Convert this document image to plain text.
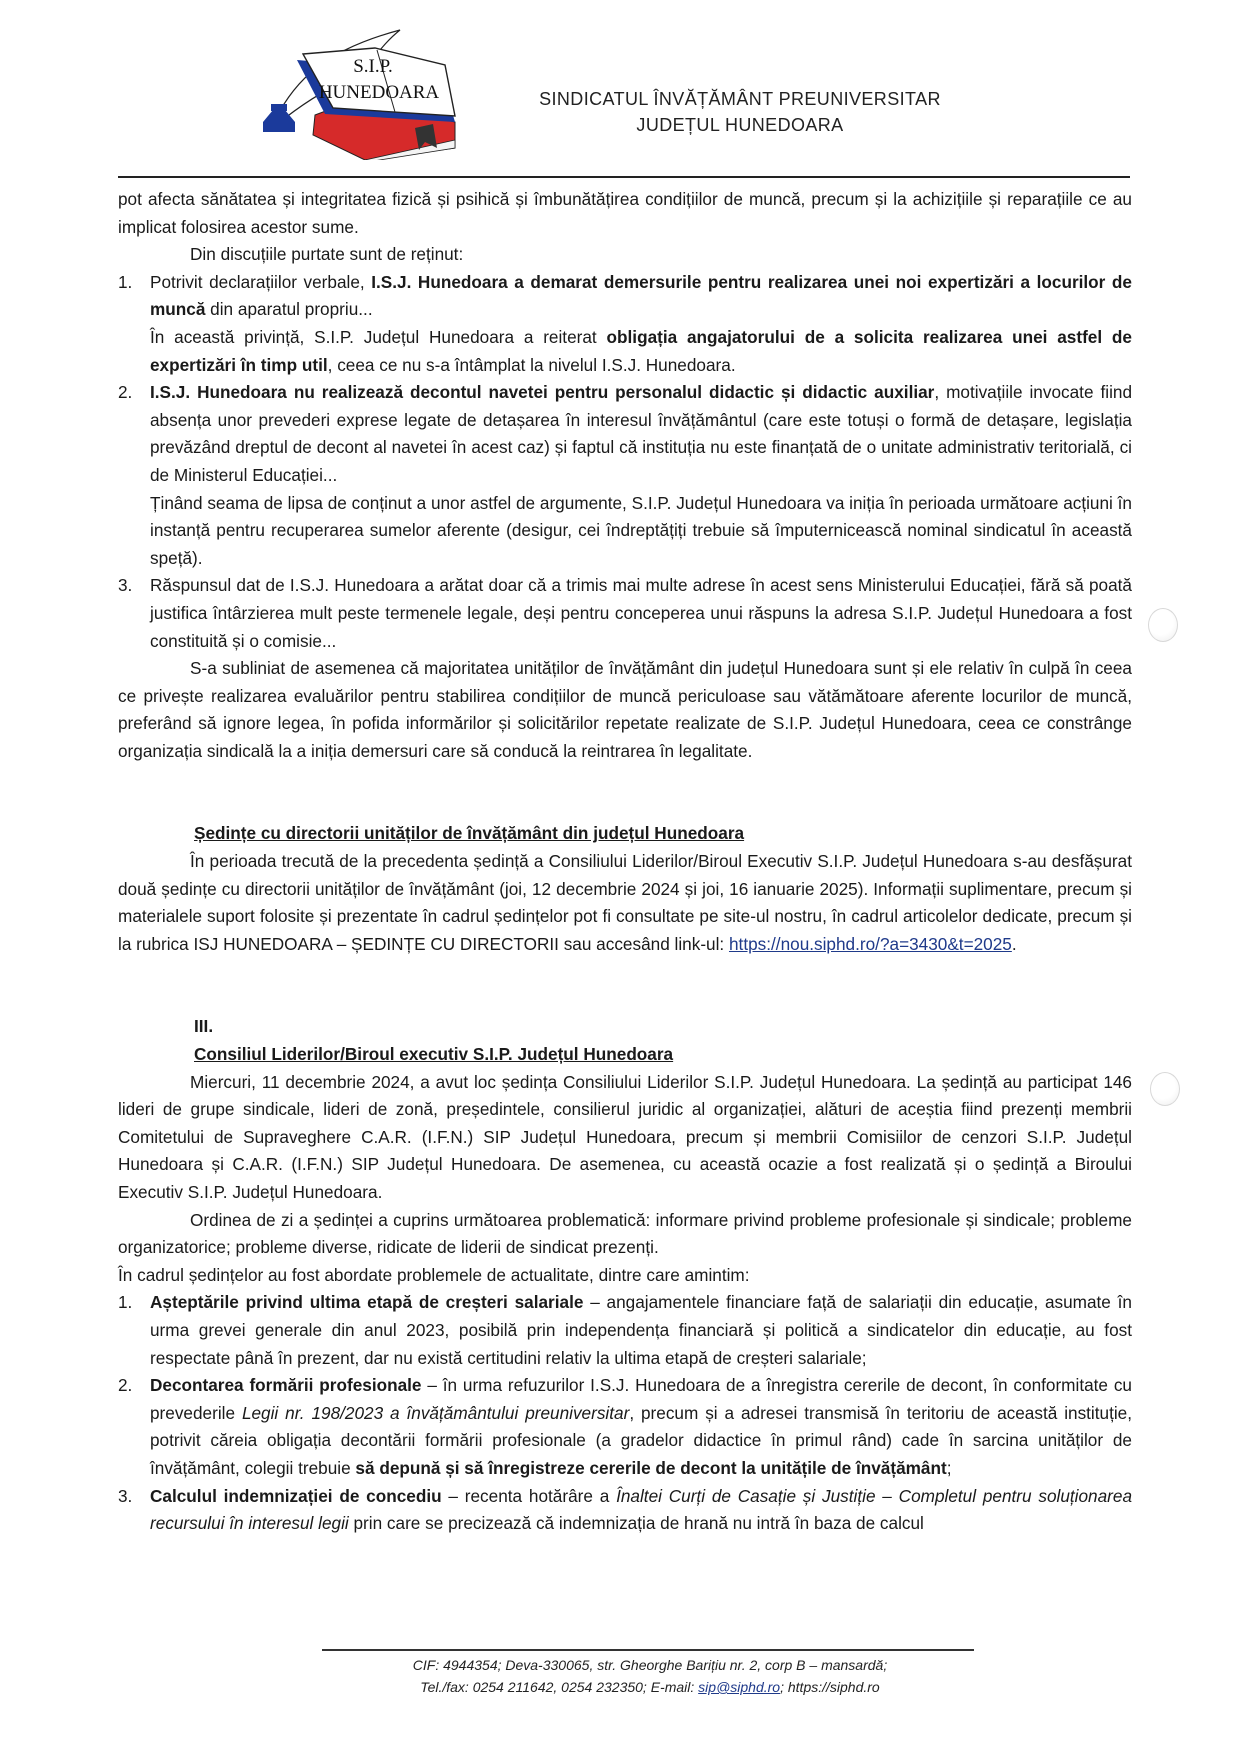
S.I.P.
HUNEDOARA	SINDICATUL ÎNVĂȚĂMÂNT PREUNIVERSITAR
JUDEȚUL HUNEDOARA

pot afecta sănătatea și integritatea fizică și psihică și îmbunătățirea condițiilor de muncă, precum și la achizițiile și reparațiile ce au implicat folosirea acestor sume.

Din discuțiile purtate sunt de reținut:

1. Potrivit declarațiilor verbale, I.S.J. Hunedoara a demarat demersurile pentru realizarea unei noi expertizări a locurilor de muncă din aparatul propriu...
În această privință, S.I.P. Județul Hunedoara a reiterat obligația angajatorului de a solicita realizarea unei astfel de expertizări în timp util, ceea ce nu s-a întâmplat la nivelul I.S.J. Hunedoara.
2. I.S.J. Hunedoara nu realizează decontul navetei pentru personalul didactic și didactic auxiliar, motivațiile invocate fiind absența unor prevederi exprese legate de detașarea în interesul învățământul (care este totuși o formă de detașare, legislația prevăzând dreptul de decont al navetei în acest caz) și faptul că instituția nu este finanțată de o unitate administrativ teritorială, ci de Ministerul Educației...
Ținând seama de lipsa de conținut a unor astfel de argumente, S.I.P. Județul Hunedoara va iniția în perioada următoare acțiuni în instanță pentru recuperarea sumelor aferente (desigur, cei îndreptățiți trebuie să împuternicească nominal sindicatul în această speță).
3. Răspunsul dat de I.S.J. Hunedoara a arătat doar că a trimis mai multe adrese în acest sens Ministerului Educației, fără să poată justifica întârzierea mult peste termenele legale, deși pentru conceperea unui răspuns la adresa S.I.P. Județul Hunedoara a fost constituită și o comisie...

S-a subliniat de asemenea că majoritatea unităților de învățământ din județul Hunedoara sunt și ele relativ în culpă în ceea ce privește realizarea evaluărilor pentru stabilirea condițiilor de muncă periculoase sau vătămătoare aferente locurilor de muncă, preferând să ignore legea, în pofida informărilor și solicitărilor repetate realizate de S.I.P. Județul Hunedoara, ceea ce constrânge organizația sindicală la a iniția demersuri care să conducă la reintrarea în legalitate.

Ședințe cu directorii unităților de învățământ din județul Hunedoara

În perioada trecută de la precedenta ședință a Consiliului Liderilor/Biroul Executiv S.I.P. Județul Hunedoara s-au desfășurat două ședințe cu directorii unităților de învățământ (joi, 12 decembrie 2024 și joi, 16 ianuarie 2025). Informații suplimentare, precum și materialele suport folosite și prezentate în cadrul ședințelor pot fi consultate pe site-ul nostru, în cadrul articolelor dedicate, precum și la rubrica ISJ HUNEDOARA – ȘEDINȚE CU DIRECTORII sau accesând link-ul: https://nou.siphd.ro/?a=3430&t=2025.

III.

Consiliul Liderilor/Biroul executiv S.I.P. Județul Hunedoara

Miercuri, 11 decembrie 2024, a avut loc ședința Consiliului Liderilor S.I.P. Județul Hunedoara. La ședință au participat 146 lideri de grupe sindicale, lideri de zonă, președintele, consilierul juridic al organizației, alături de aceștia fiind prezenți membrii Comitetului de Supraveghere C.A.R. (I.F.N.) SIP Județul Hunedoara, precum și membrii Comisiilor de cenzori S.I.P. Județul Hunedoara și C.A.R. (I.F.N.) SIP Județul Hunedoara. De asemenea, cu această ocazie a fost realizată și o ședință a Biroului Executiv S.I.P. Județul Hunedoara.

Ordinea de zi a ședinței a cuprins următoarea problematică: informare privind probleme profesionale și sindicale; probleme organizatorice; probleme diverse, ridicate de liderii de sindicat prezenți.

În cadrul ședințelor au fost abordate problemele de actualitate, dintre care amintim:

1. Așteptările privind ultima etapă de creșteri salariale – angajamentele financiare față de salariații din educație, asumate în urma grevei generale din anul 2023, posibilă prin independența financiară și politică a sindicatelor din educație, au fost respectate până în prezent, dar nu există certitudini relativ la ultima etapă de creșteri salariale;
2. Decontarea formării profesionale – în urma refuzurilor I.S.J. Hunedoara de a înregistra cererile de decont, în conformitate cu prevederile Legii nr. 198/2023 a învățământului preuniversitar, precum și a adresei transmisă în teritoriu de această instituție, potrivit căreia obligația decontării formării profesionale (a gradelor didactice în primul rând) cade în sarcina unităților de învățământ, colegii trebuie să depună și să înregistreze cererile de decont la unitățile de învățământ;
3. Calculul indemnizației de concediu – recenta hotărâre a Înaltei Curți de Casație și Justiție – Completul pentru soluționarea recursului în interesul legii prin care se precizează că indemnizația de hrană nu intră în baza de calcul
CIF: 4944354; Deva-330065, str. Gheorghe Barițiu nr. 2, corp B – mansardă;
Tel./fax: 0254 211642, 0254 232350; E-mail: sip@siphd.ro; https://siphd.ro
